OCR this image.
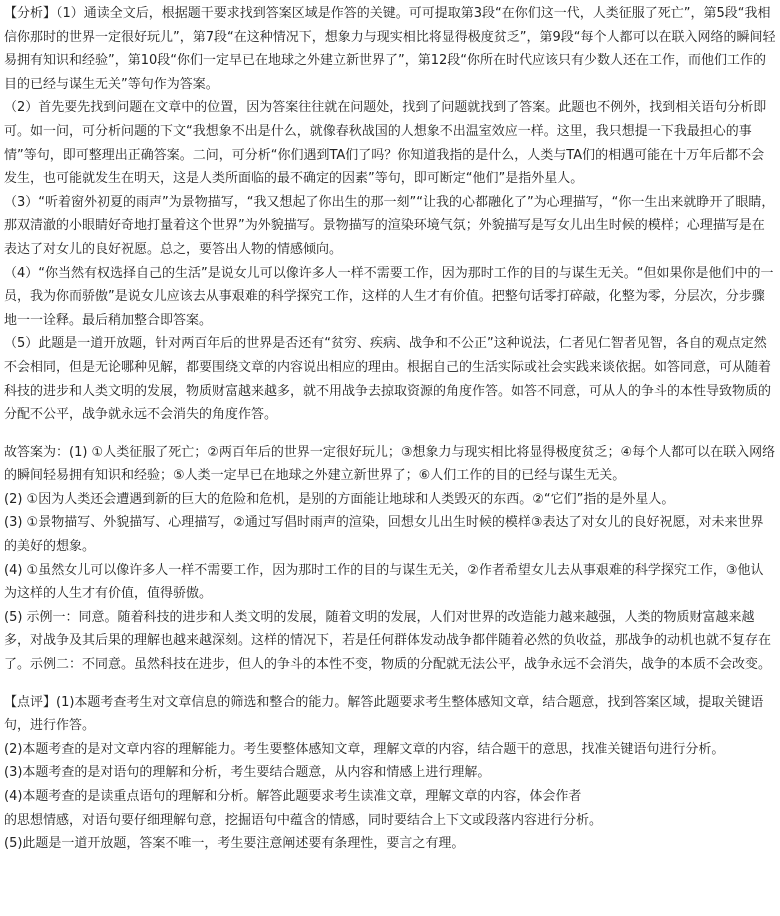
【分析】（1）通读全文后，根据题干要求找到答案区域是作答的关键。可可提取第3段“在你们这一代，人类征服了死亡”，第5段“我相信你那时的世界一定很好玩儿”，第7段“在这种情况下，想象力与现实相比将显得极度贫乏”，第9段“每个人都可以在联入网络的瞬间轻易拥有知识和经验”，第10段“你们一定早已在地球之外建立新世界了”，第12段“你所在时代应该只有少数人还在工作，而他们工作的目的已经与谋生无关”等句作为答案。

（2）首先要先找到问题在文章中的位置，因为答案往往就在问题处，找到了问题就找到了答案。此题也不例外，找到相关语句分析即可。如一问，可分析问题的下文“我想象不出是什么，就像春秋战国的人想象不出温室效应一样。这里，我只想提一下我最担心的事情”等句，即可整理出正确答案。二问，可分析“你们遇到TA们了吗？你知道我指的是什么，人类与TA们的相遇可能在十万年后都不会发生，也可能就发生在明天，这是人类所面临的最不确定的因素”等句，即可断定“他们”是指外星人。

（3）“听着窗外初夏的雨声”为景物描写，“我又想起了你出生的那一刻”“让我的心都融化了”为心理描写，“你一生出来就睁开了眼睛，那双清澈的小眼睛好奇地打量着这个世界”为外貌描写。景物描写的渲染环境气氛；外貌描写是写女儿出生时候的模样；心理描写是在表达了对女儿的良好祝愿。总之，要答出人物的情感倾向。

（4）“你当然有权选择自己的生活”是说女儿可以像许多人一样不需要工作，因为那时工作的目的与谋生无关。“但如果你是他们中的一员，我为你而骄傲”是说女儿应该去从事艰难的科学探究工作，这样的人生才有价值。把整句话零打碎敲，化整为零，分层次，分步骤地一一诠释。最后稍加整合即答案。

（5）此题是一道开放题，针对两百年后的世界是否还有“贫穷、疾病、战争和不公正”这种说法，仁者见仁智者见智，各自的观点定然不会相同，但是无论哪种见解，都要围绕文章的内容说出相应的理由。根据自己的生活实际或社会实践来谈依据。如答同意，可从随着科技的进步和人类文明的发展，物质财富越来越多，就不用战争去掠取资源的角度作答。如答不同意，可从人的争斗的本性导致物质的分配不公平，战争就永远不会消失的角度作答。

故答案为：(1) ①人类征服了死亡；②两百年后的世界一定很好玩儿；③想象力与现实相比将显得极度贫乏；④每个人都可以在联入网络的瞬间轻易拥有知识和经验；⑤人类一定早已在地球之外建立新世界了；⑥人们工作的目的已经与谋生无关。

(2) ①因为人类还会遭遇到新的巨大的危险和危机，是别的方面能让地球和人类毁灭的东西。②“它们”指的是外星人。

(3) ①景物描写、外貌描写、心理描写，②通过写倡时雨声的渲染，回想女儿出生时候的模样③表达了对女儿的良好祝愿，对未来世界的美好的想象。

(4) ①虽然女儿可以像许多人一样不需要工作，因为那时工作的目的与谋生无关，②作者希望女儿去从事艰难的科学探究工作，③他认为这样的人生才有价值，值得骄傲。

(5) 示例一：同意。随着科技的进步和人类文明的发展，随着文明的发展，人们对世界的改造能力越来越强，人类的物质财富越来越多，对战争及其后果的理解也越来越深刻。这样的情况下，若是任何群体发动战争都伴随着必然的负收益，那战争的动机也就不复存在了。示例二：不同意。虽然科技在进步，但人的争斗的本性不变，物质的分配就无法公平，战争永远不会消失，战争的本质不会改变。

【点评】(1)本题考查考生对文章信息的筛选和整合的能力。解答此题要求考生整体感知文章，结合题意，找到答案区域，提取关键语句，进行作答。

(2)本题考查的是对文章内容的理解能力。考生要整体感知文章，理解文章的内容，结合题干的意思，找准关键语句进行分析。

(3)本题考查的是对语句的理解和分析，考生要结合题意，从内容和情感上进行理解。

(4)本题考查的是读重点语句的理解和分析。解答此题要求考生读准文章，理解文章的内容，体会作者
的思想情感，对语句要仔细理解句意，挖掘语句中蕴含的情感，同时要结合上下文或段落内容进行分析。

(5)此题是一道开放题，答案不唯一，考生要注意阐述要有条理性，要言之有理。
